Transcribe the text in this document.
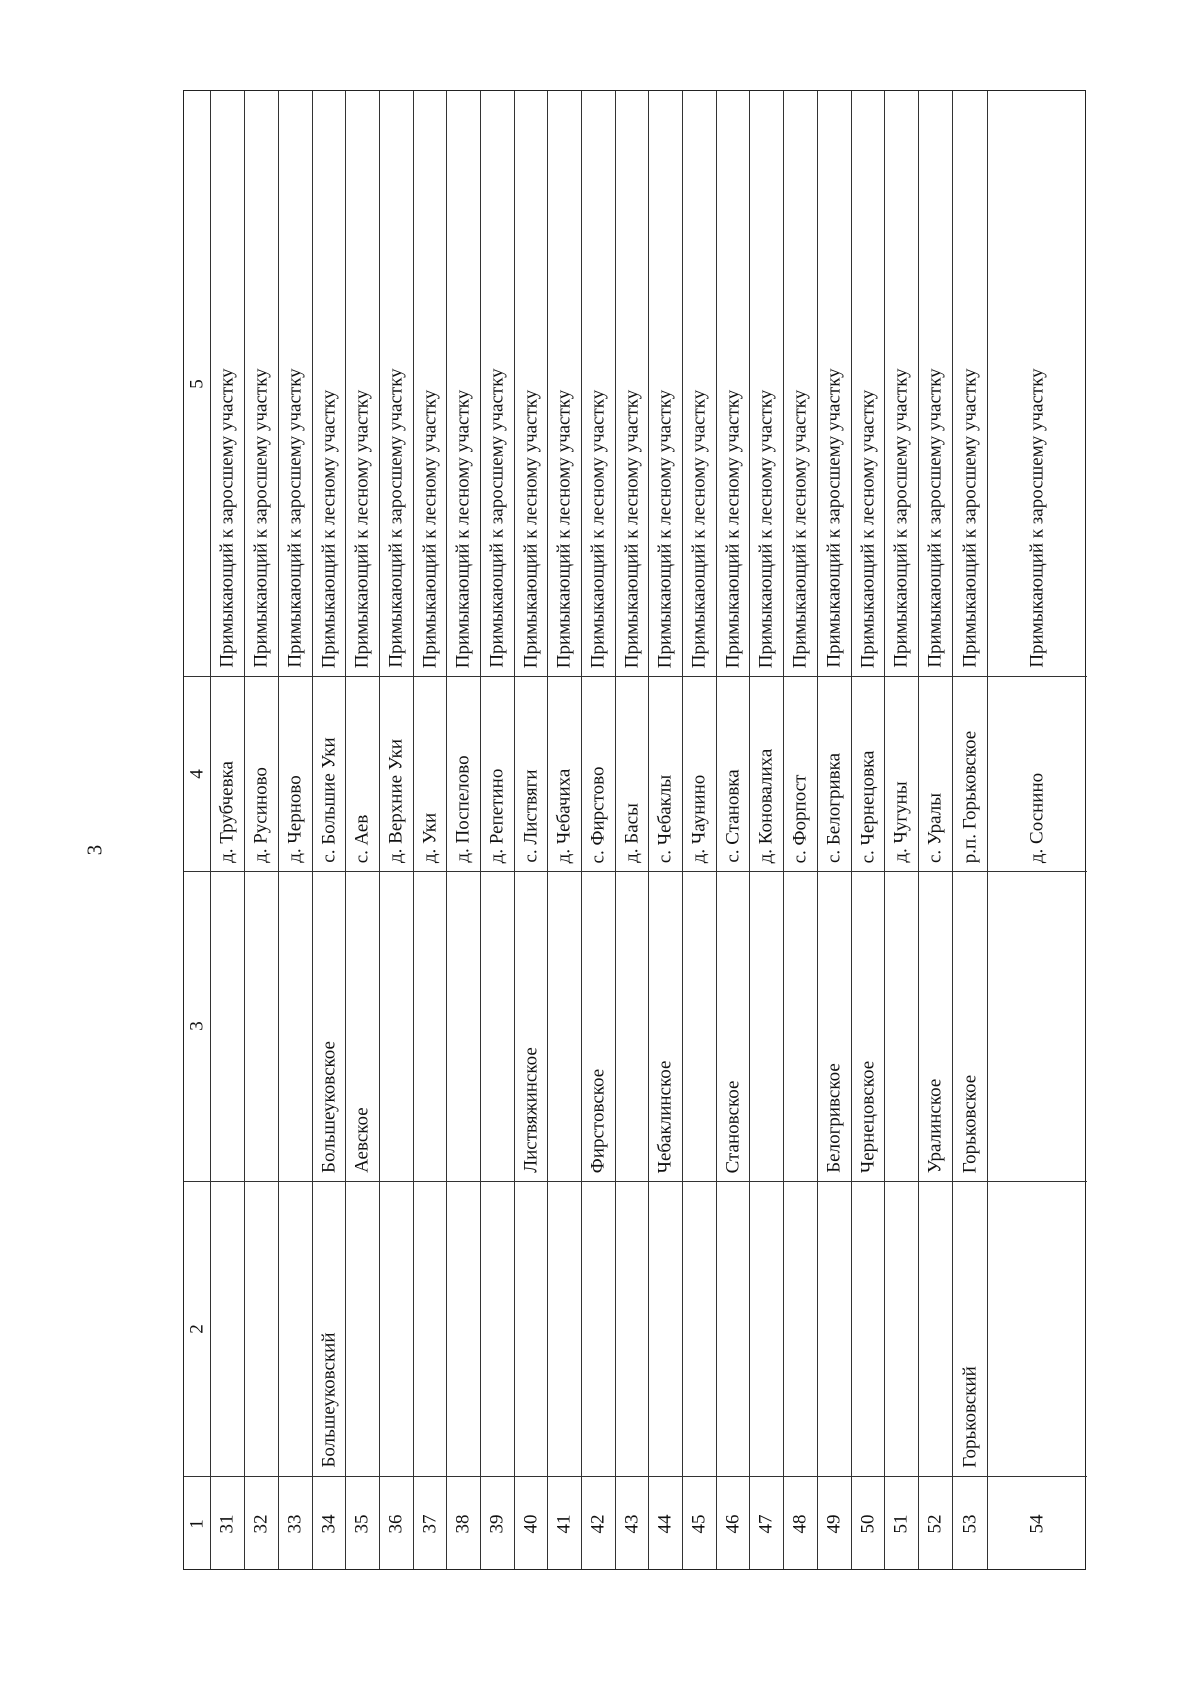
3
1
2
3
4
5
31
д. Трубчевка
Примыкающий к заросшему участку
32
д. Русиново
Примыкающий к заросшему участку
33
д. Черново
Примыкающий к заросшему участку
34
Большеуковский
Большеуковское
с. Большие Уки
Примыкающий к лесному участку
35
Аевское
с. Аев
Примыкающий к лесному участку
36
д. Верхние Уки
Примыкающий к заросшему участку
37
д. Уки
Примыкающий к лесному участку
38
д. Поспелово
Примыкающий к лесному участку
39
д. Репетино
Примыкающий к заросшему участку
40
Листвяжинское
с. Листвяги
Примыкающий к лесному участку
41
д. Чебачиха
Примыкающий к лесному участку
42
Фирстовское
с. Фирстово
Примыкающий к лесному участку
43
д. Басы
Примыкающий к лесному участку
44
Чебаклинское
с. Чебаклы
Примыкающий к лесному участку
45
д. Чаунино
Примыкающий к лесному участку
46
Становское
с. Становка
Примыкающий к лесному участку
47
д. Коновалиха
Примыкающий к лесному участку
48
с. Форпост
Примыкающий к лесному участку
49
Белогривское
с. Белогривка
Примыкающий к заросшему участку
50
Чернецовское
с. Чернецовка
Примыкающий к лесному участку
51
д. Чугуны
Примыкающий к заросшему участку
52
Уралинское
с. Уралы
Примыкающий к заросшему участку
53
Горьковский
Горьковское
р.п. Горьковское
Примыкающий к заросшему участку
54
д. Соснино
Примыкающий к заросшему участку
